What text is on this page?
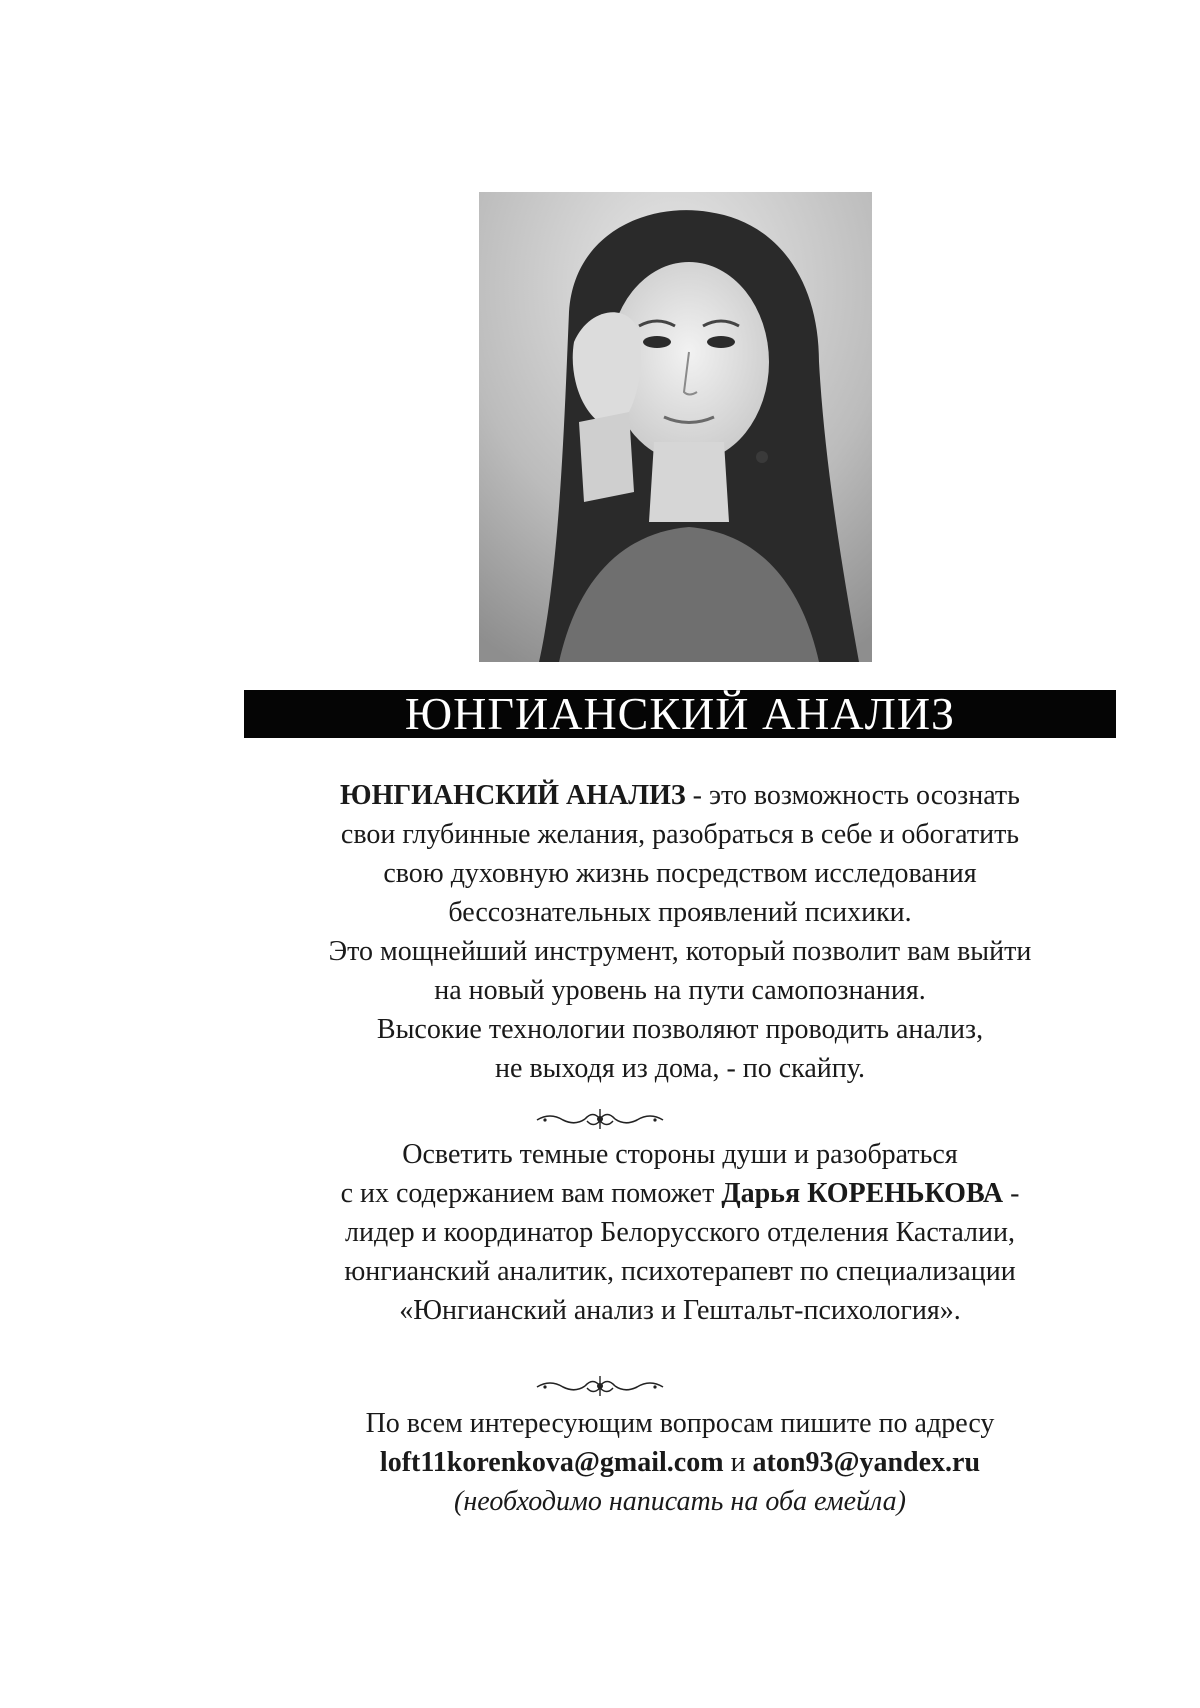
ЮНГИАНСКИЙ АНАЛИЗ
ЮНГИАНСКИЙ АНАЛИЗ - это возможность осознать
свои глубинные желания, разобраться в себе и обогатить
свою духовную жизнь посредством исследования
бессознательных проявлений психики.
Это мощнейший инструмент, который позволит вам выйти
на новый уровень на пути самопознания.
Высокие технологии позволяют проводить анализ,
не выходя из дома, - по скайпу.
Осветить темные стороны души и разобраться
с их содержанием вам поможет Дарья КОРЕНЬКОВА -
лидер и координатор Белорусского отделения Касталии,
юнгианский аналитик, психотерапевт по специализации
«Юнгианский анализ и Гештальт-психология».
По всем интересующим вопросам пишите по адресу
loft11korenkova@gmail.com и aton93@yandex.ru
(необходимо написать на оба емейла)
